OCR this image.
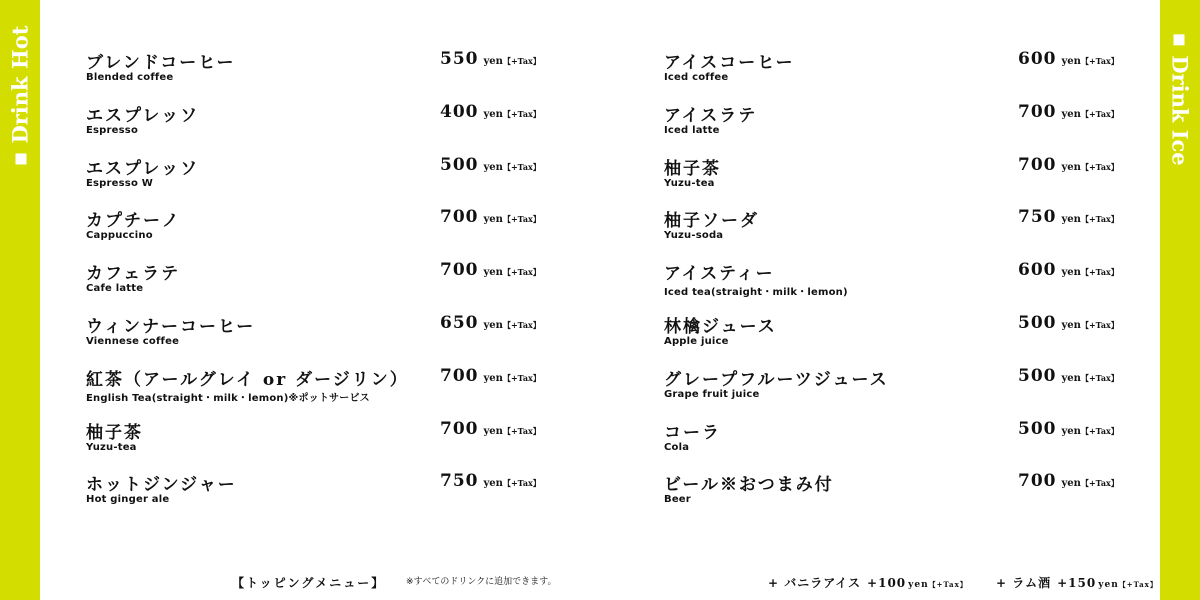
Drink Hot	Drink Ice
ブレンドコーヒー
Blended coffee
550 yen【+Tax】
エスプレッソ
Espresso
400 yen【+Tax】
エスプレッソ
Espresso W
500 yen【+Tax】
カプチーノ
Cappuccino
700 yen【+Tax】
カフェラテ
Cafe latte
700 yen【+Tax】
ウィンナーコーヒー
Viennese coffee
650 yen【+Tax】
紅茶（アールグレイ or ダージリン）
English Tea(straight・milk・lemon)※ポットサービス
700 yen【+Tax】
柚子茶
Yuzu-tea
700 yen【+Tax】
ホットジンジャー
Hot ginger ale
750 yen【+Tax】
アイスコーヒー
Iced coffee
600 yen【+Tax】
アイスラテ
Iced latte
700 yen【+Tax】
柚子茶
Yuzu-tea
700 yen【+Tax】
柚子ソーダ
Yuzu-soda
750 yen【+Tax】
アイスティー
Iced tea(straight・milk・lemon)
600 yen【+Tax】
林檎ジュース
Apple juice
500 yen【+Tax】
グレープフルーツジュース
Grape fruit juice
500 yen【+Tax】
コーラ
Cola
500 yen【+Tax】
ビール※おつまみ付
Beer
700 yen【+Tax】
【トッピングメニュー】 ※すべてのドリンクに追加できます。	+ バニラアイス +100 yen【+Tax】 + ラム酒 +150 yen【+Tax】
